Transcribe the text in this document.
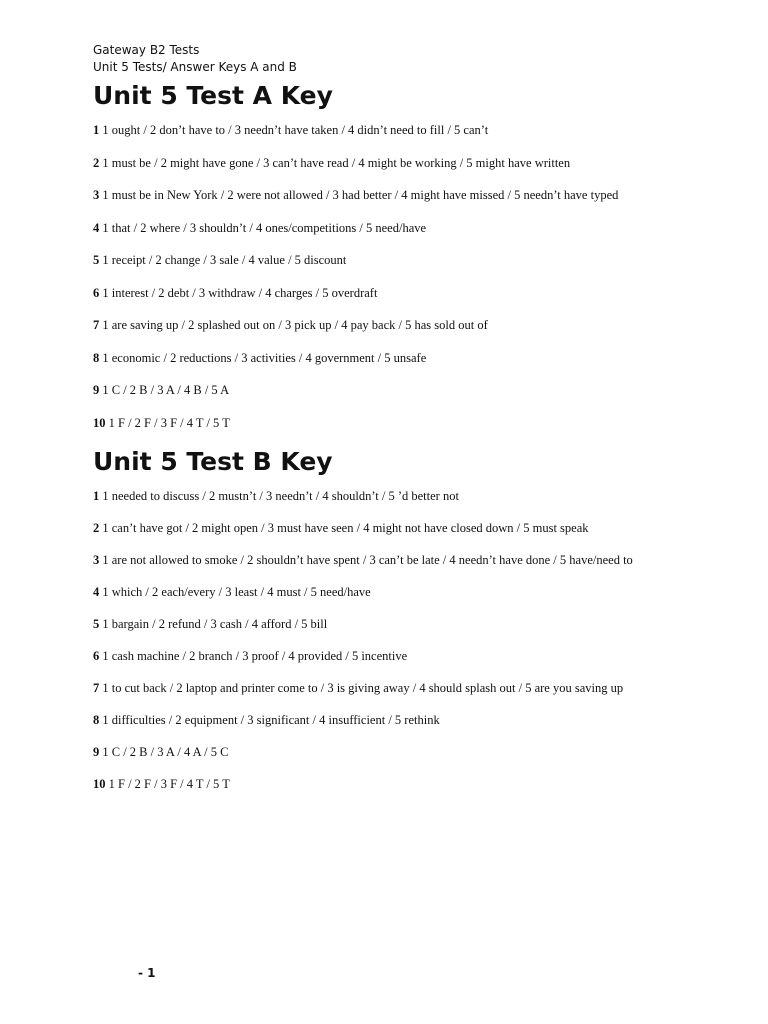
Gateway B2 Tests

Unit 5 Tests/ Answer Keys A and B

Unit 5 Test A Key

1 1 ought / 2 don’t have to / 3 needn’t have taken / 4 didn’t need to fill / 5 can’t

2 1 must be / 2 might have gone / 3 can’t have read / 4 might be working / 5 might have written

3 1 must be in New York / 2 were not allowed / 3 had better / 4 might have missed / 5 needn’t have typed

4 1 that / 2 where / 3 shouldn’t / 4 ones/competitions / 5 need/have

5 1 receipt / 2 change / 3 sale / 4 value / 5 discount

6 1 interest / 2 debt / 3 withdraw / 4 charges / 5 overdraft

7 1 are saving up / 2 splashed out on / 3 pick up / 4 pay back / 5 has sold out of

8 1 economic / 2 reductions / 3 activities / 4 government / 5 unsafe

9 1 C / 2 B / 3 A / 4 B / 5 A

10 1 F / 2 F / 3 F / 4 T / 5 T

Unit 5 Test B Key

1 1 needed to discuss / 2 mustn’t / 3 needn’t / 4 shouldn’t / 5 ’d better not

2 1 can’t have got / 2 might open / 3 must have seen / 4 might not have closed down / 5 must speak

3 1 are not allowed to smoke / 2 shouldn’t have spent / 3 can’t be late / 4 needn’t have done / 5 have/need to

4 1 which / 2 each/every / 3 least / 4 must / 5 need/have

5 1 bargain / 2 refund / 3 cash / 4 afford / 5 bill

6 1 cash machine / 2 branch / 3 proof / 4 provided / 5 incentive

7 1 to cut back / 2 laptop and printer come to / 3 is giving away / 4 should splash out / 5 are you saving up

8 1 difficulties / 2 equipment / 3 significant / 4 insufficient / 5 rethink

9 1 C / 2 B / 3 A / 4 A / 5 C

10 1 F / 2 F / 3 F / 4 T / 5 T

- 1
